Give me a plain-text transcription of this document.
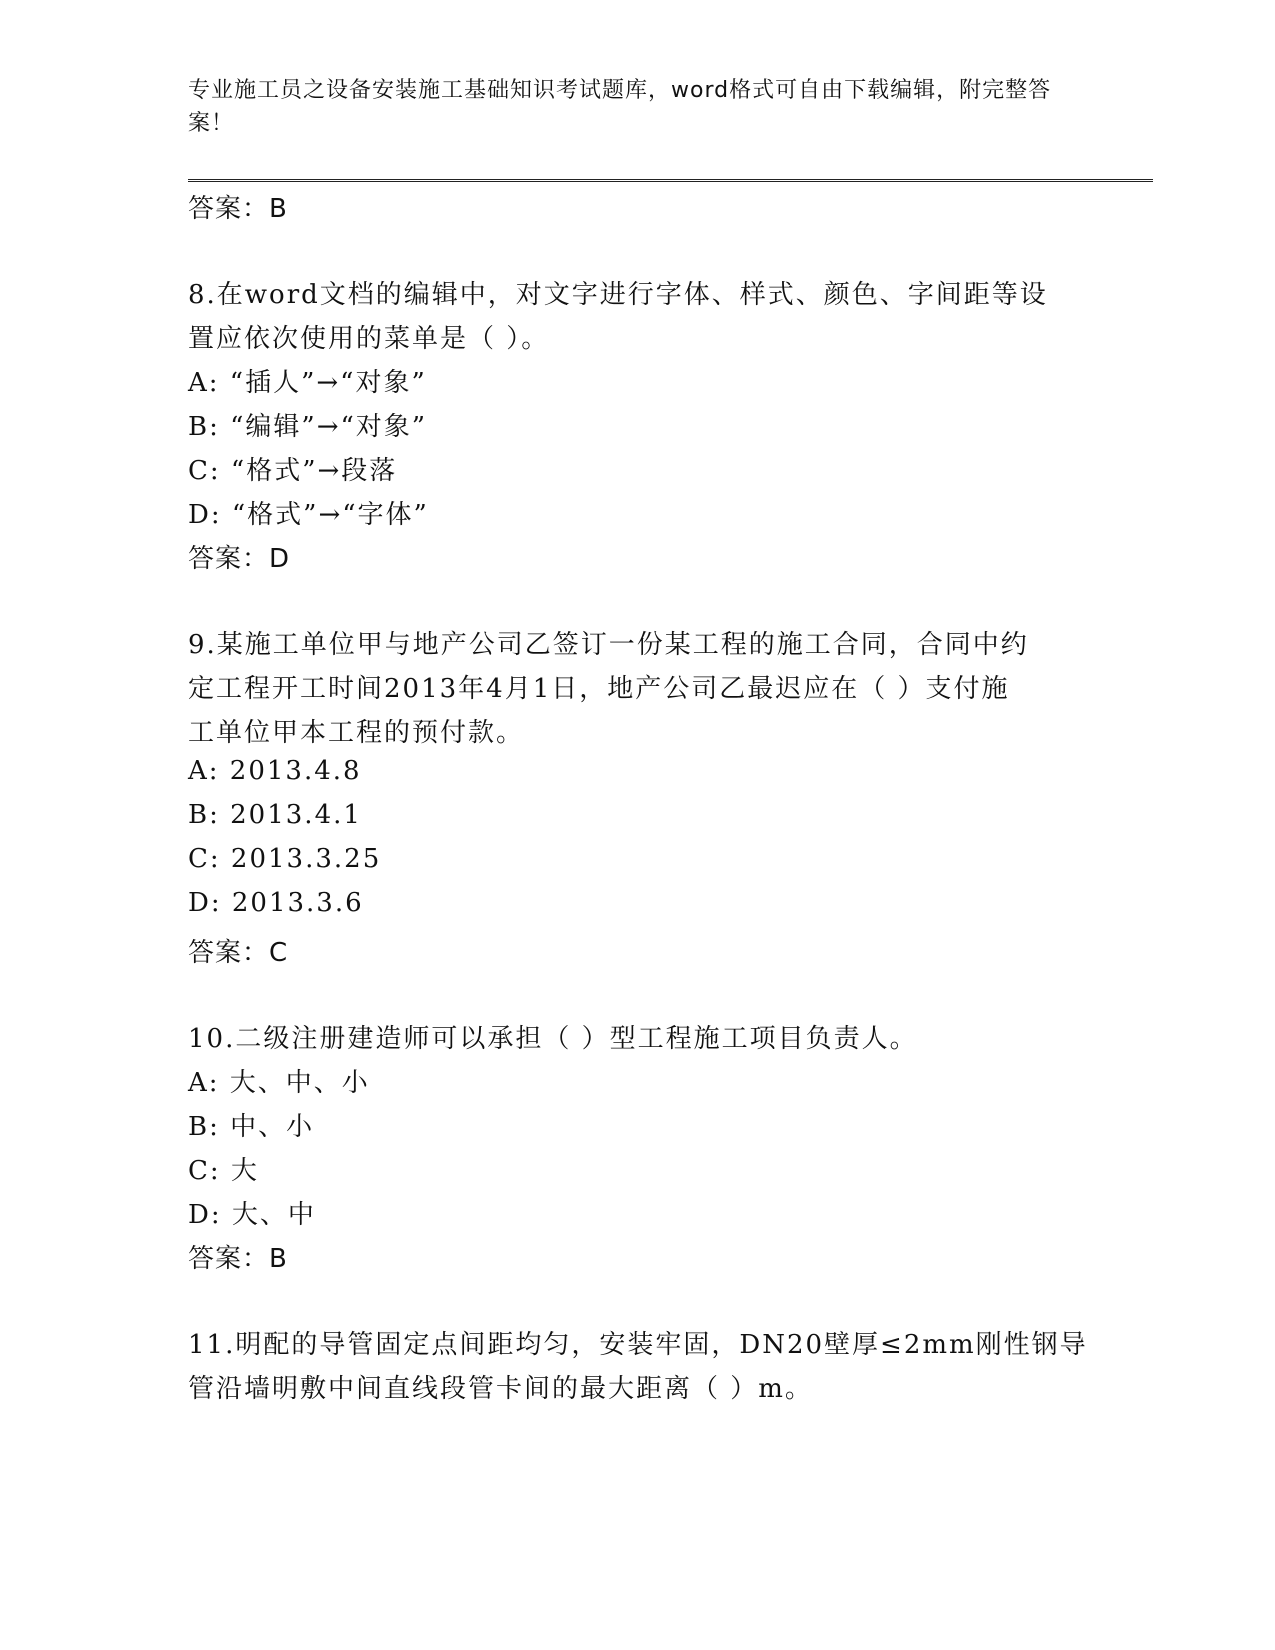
专业施工员之设备安装施工基础知识考试题库，word格式可自由下载编辑，附完整答案！
答案：B
8.在word文档的编辑中，对文字进行字体、样式、颜色、字间距等设
置应依次使用的菜单是（ ）。
A: “插人”→“对象”
B: “编辑”→“对象”
C: “格式”→段落
D: “格式”→“字体”
答案：D
9.某施工单位甲与地产公司乙签订一份某工程的施工合同，合同中约
定工程开工时间2013年4月1日，地产公司乙最迟应在（ ）支付施
工单位甲本工程的预付款。
A: 2013.4.8
B: 2013.4.1
C: 2013.3.25
D: 2013.3.6
答案：C
10.二级注册建造师可以承担（ ）型工程施工项目负责人。
A: 大、中、小
B: 中、小
C: 大
D: 大、中
答案：B
11.明配的导管固定点间距均匀，安装牢固，DN20壁厚≤2mm刚性钢导
管沿墙明敷中间直线段管卡间的最大距离（ ）m。
